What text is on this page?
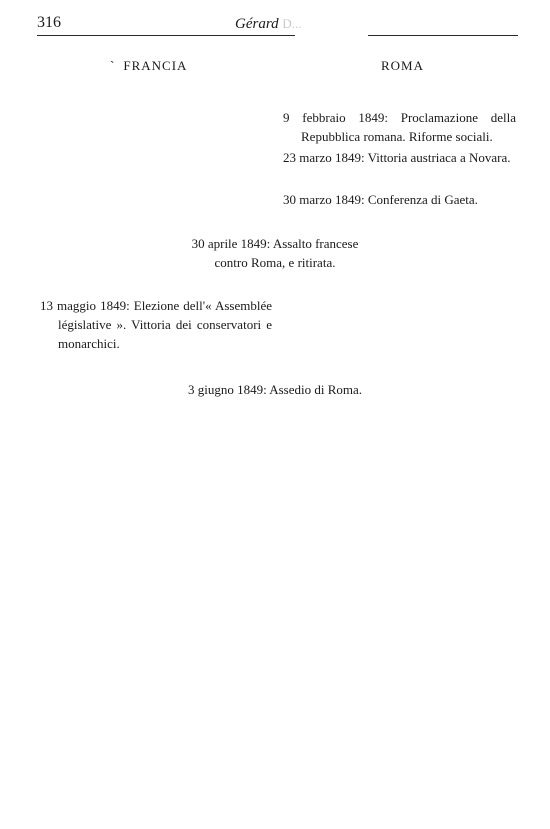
316	Gérard D...
` FRANCIA	ROMA
9 febbraio 1849: Proclamazione della Repubblica romana. Riforme sociali.
23 marzo 1849: Vittoria austriaca a Novara.
30 marzo 1849: Conferenza di Gaeta.
30 aprile 1849: Assalto francese
contro Roma, e ritirata.
13 maggio 1849: Elezione dell'« Assemblée législative ». Vittoria dei conservatori e monarchici.
3 giugno 1849: Assedio di Roma.
